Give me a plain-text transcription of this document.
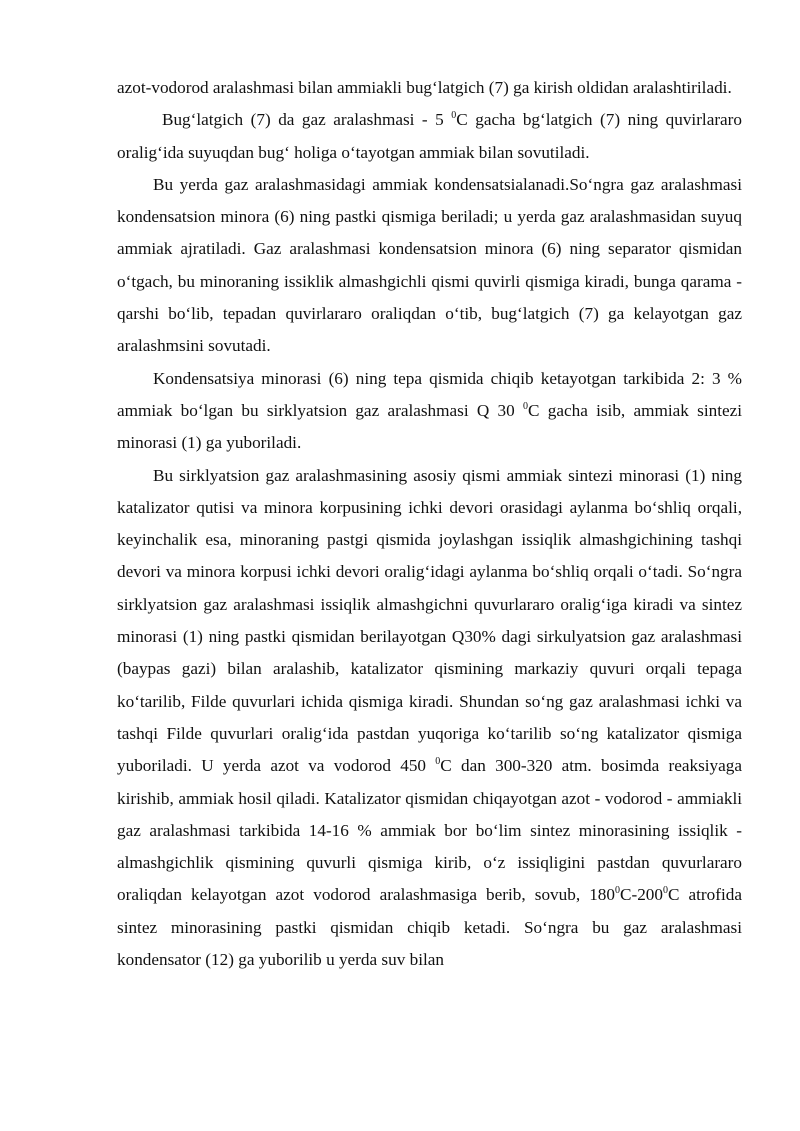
azot-vodorod aralashmasi bilan ammiakli bug‘latgich (7) ga kirish oldidan aralashtiriladi.

Bug‘latgich (7) da gaz aralashmasi - 5 $^0$C gacha bg‘latgich (7) ning quvirlararo oralig‘ida suyuqdan bug‘ holiga o‘tayotgan ammiak bilan sovutiladi.

Bu yerda gaz aralashmasidagi ammiak kondensatsialanadi.So‘ngra gaz aralashmasi kondensatsion minora (6) ning pastki qismiga beriladi; u yerda gaz aralashmasidan suyuq ammiak ajratiladi. Gaz aralashmasi kondensatsion minora (6) ning separator qismidan o‘tgach, bu minoraning issiklik almashgichli qismi quvirli qismiga kiradi, bunga qarama - qarshi bo‘lib, tepadan quvirlararo oraliqdan o‘tib, bug‘latgich (7) ga kelayotgan gaz aralashmsini sovutadi.

Kondensatsiya minorasi (6) ning tepa qismida chiqib ketayotgan tarkibida 2: 3 % ammiak bo‘lgan bu sirklyatsion gaz aralashmasi Q 30 $^0$C gacha isib, ammiak sintezi minorasi (1) ga yuboriladi.

Bu sirklyatsion gaz aralashmasining asosiy qismi ammiak sintezi minorasi (1) ning katalizator qutisi va minora korpusining ichki devori orasidagi aylanma bo‘shliq orqali, keyinchalik esa, minoraning pastgi qismida joylashgan issiqlik almashgichining tashqi devori va minora korpusi ichki devori oralig‘idagi aylanma bo‘shliq orqali o‘tadi. So‘ngra sirklyatsion gaz aralashmasi issiqlik almashgichni quvurlararo oralig‘iga kiradi va sintez minorasi (1) ning pastki qismidan berilayotgan Q30% dagi sirkulyatsion gaz aralashmasi (baypas gazi) bilan aralashib, katalizator qismining markaziy quvuri orqali tepaga ko‘tarilib, Filde quvurlari ichida qismiga kiradi. Shundan so‘ng gaz aralashmasi ichki va tashqi Filde quvurlari oralig‘ida pastdan yuqoriga ko‘tarilib so‘ng katalizator qismiga yuboriladi. U yerda azot va vodorod 450 $^0$C dan 300-320 atm. bosimda reaksiyaga kirishib, ammiak hosil qiladi. Katalizator qismidan chiqayotgan azot - vodorod - ammiakli gaz aralashmasi tarkibida 14-16 % ammiak bor bo‘lim sintez minorasining issiqlik - almashgichlik qismining quvurli qismiga kirib, o‘z issiqligini pastdan quvurlararo oraliqdan kelayotgan azot vodorod aralashmasiga berib, sovub, $180^0C-200^0C$ atrofida sintez minorasining pastki qismidan chiqib ketadi. So‘ngra bu gaz aralashmasi kondensator (12) ga yuborilib u yerda suv bilan
